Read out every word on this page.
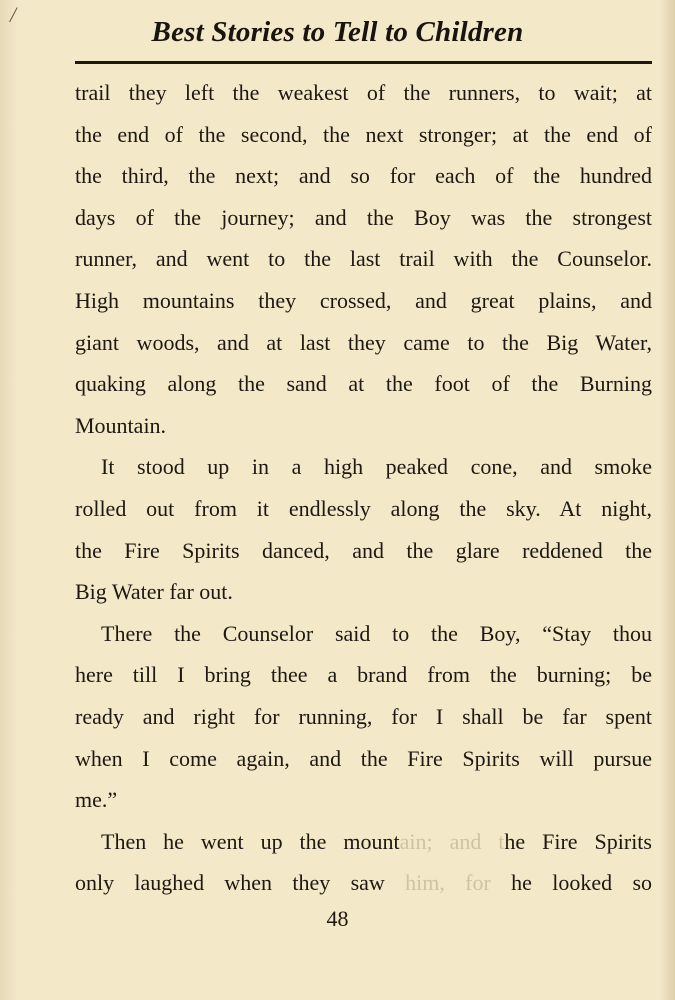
/
Best Stories to Tell to Children

trail they left the weakest of the runners, to wait; at
the end of the second, the next stronger; at the end of
the third, the next; and so for each of the hundred
days of the journey; and the Boy was the strongest
runner, and went to the last trail with the Counselor.
High mountains they crossed, and great plains, and
giant woods, and at last they came to the Big Water,
quaking along the sand at the foot of the Burning
Mountain.

It stood up in a high peaked cone, and smoke
rolled out from it endlessly along the sky. At night,
the Fire Spirits danced, and the glare reddened the
Big Water far out.

There the Counselor said to the Boy, “Stay thou
here till I bring thee a brand from the burning; be
ready and right for running, for I shall be far spent
when I come again, and the Fire Spirits will pursue
me.”

Then he went up the mountain; and the Fire Spirits
only laughed when they saw him, for he looked so

48
